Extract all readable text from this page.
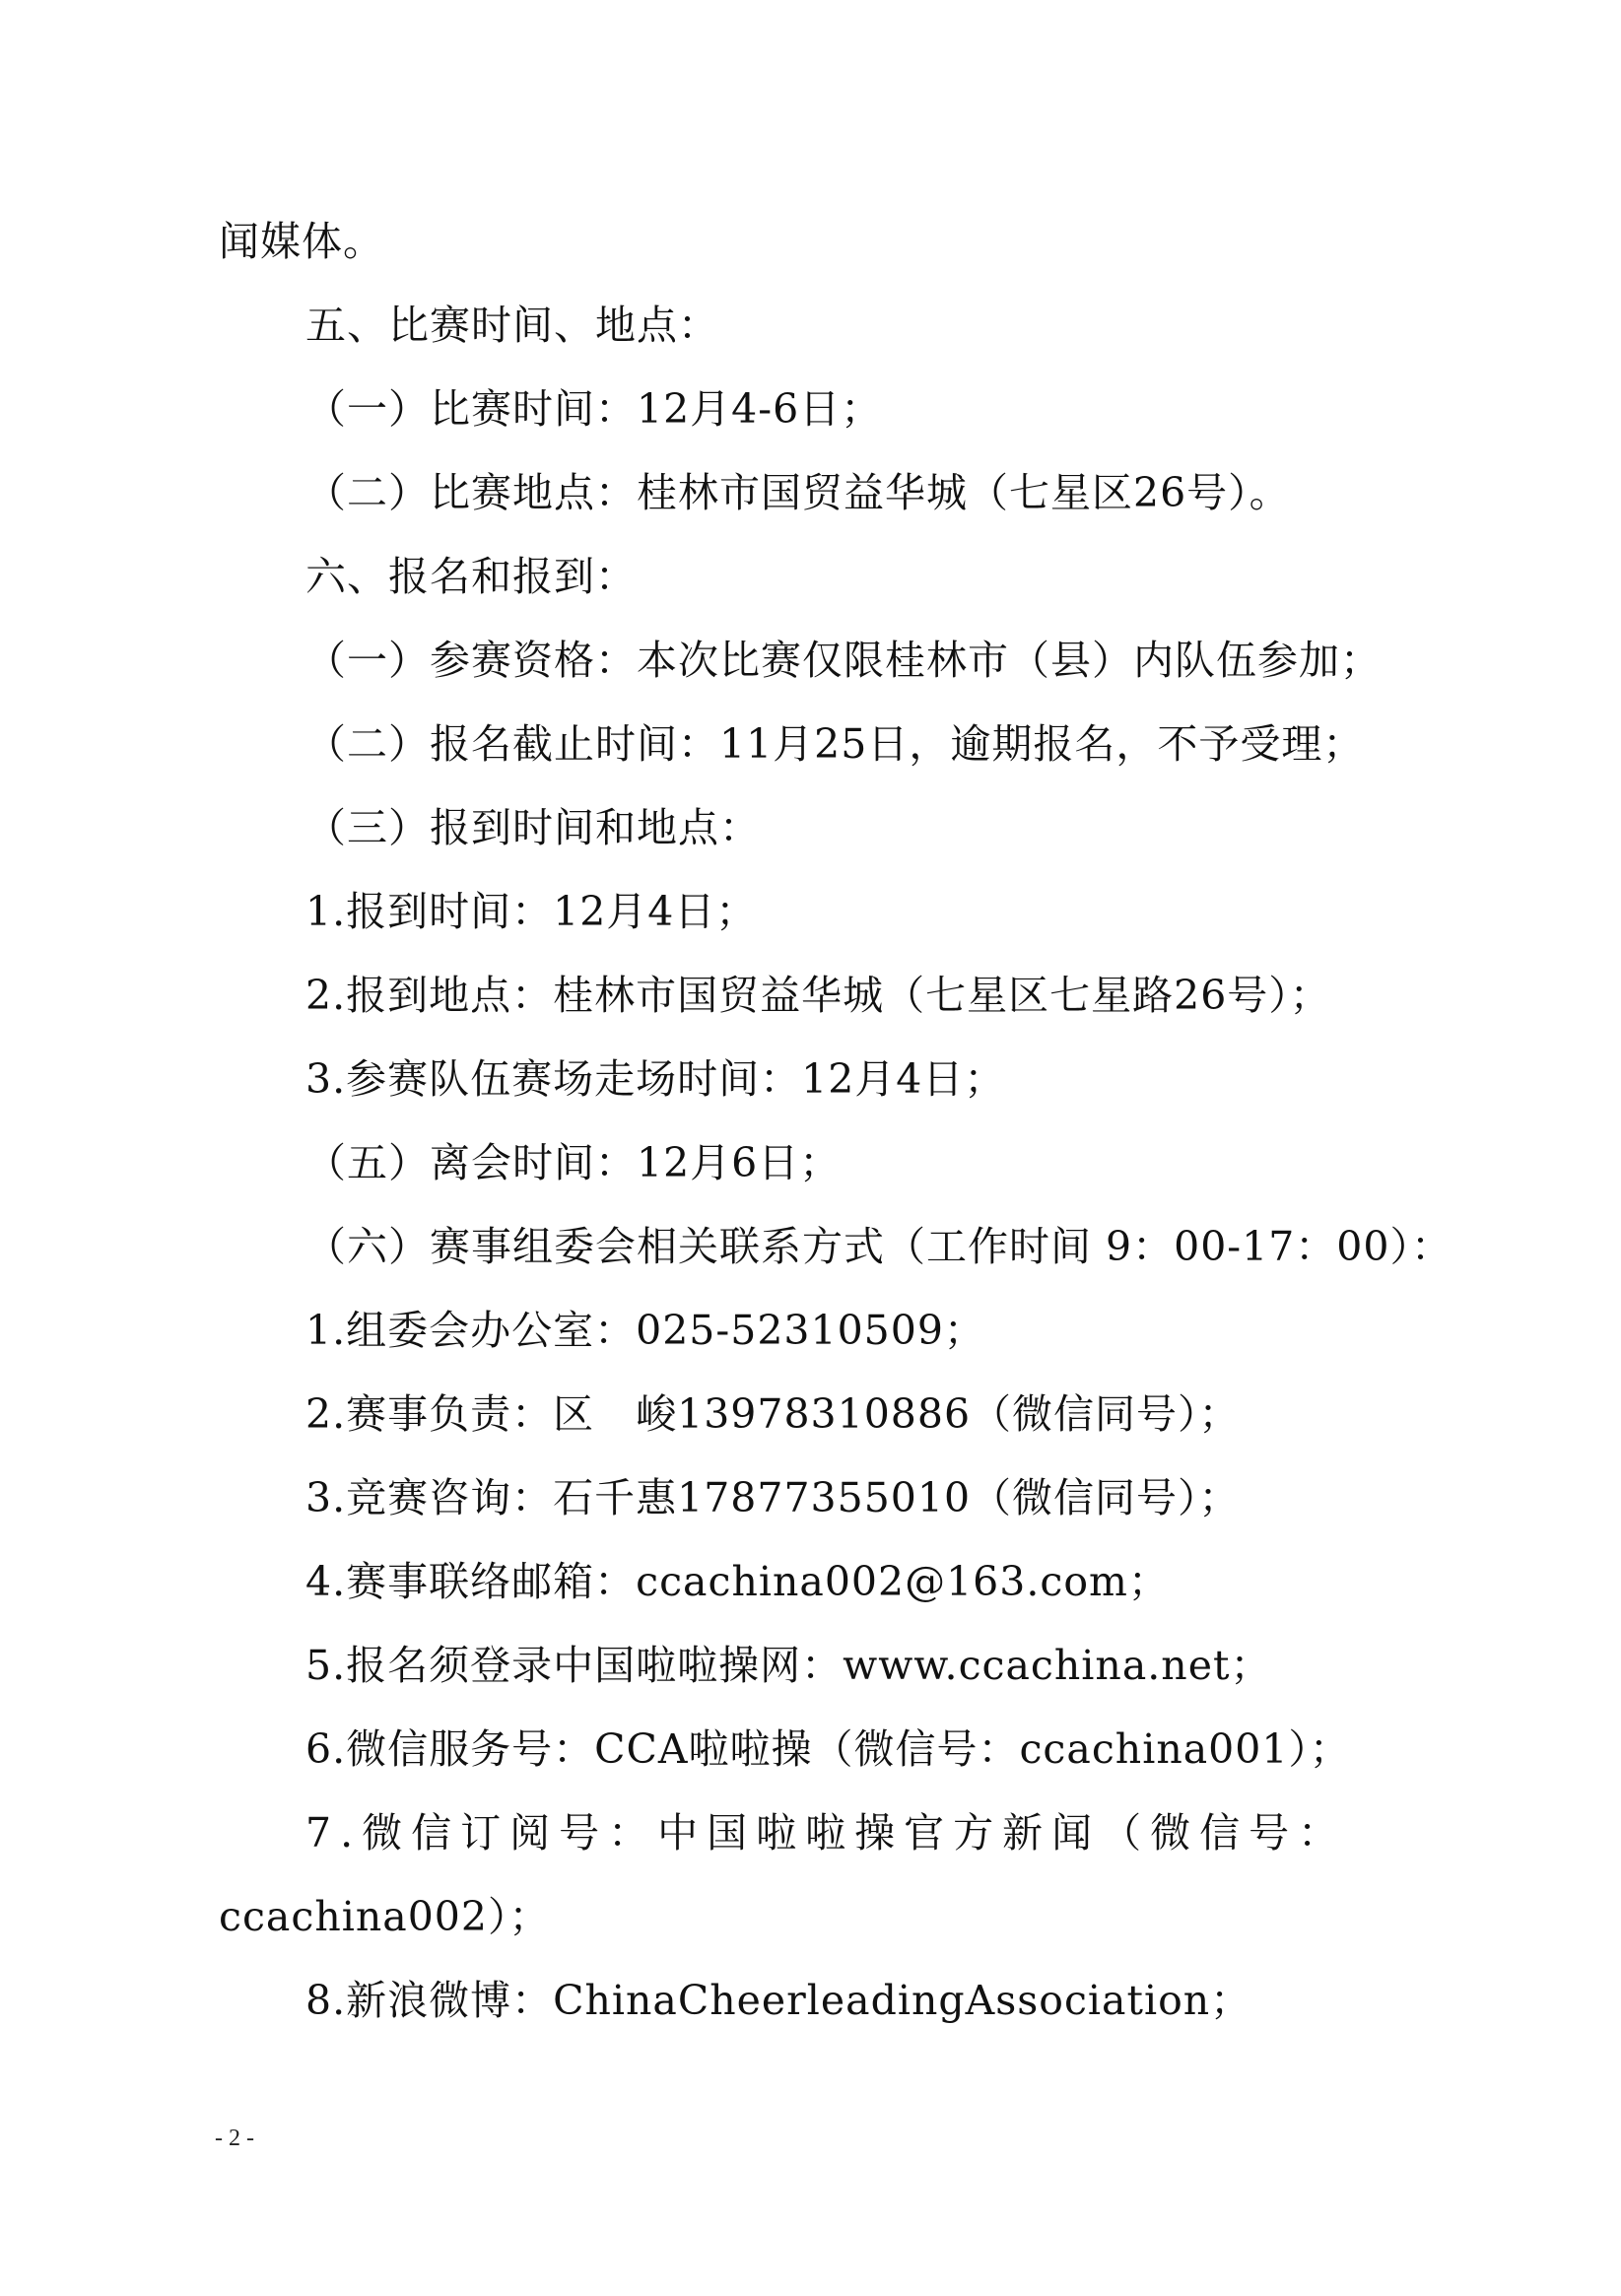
闻媒体。
五、比赛时间、地点：
（一）比赛时间：12月4-6日；
（二）比赛地点：桂林市国贸益华城（七星区26号）。
六、报名和报到：
（一）参赛资格：本次比赛仅限桂林市（县）内队伍参加；
（二）报名截止时间：11月25日，逾期报名，不予受理；
（三）报到时间和地点：
1.报到时间：12月4日；
2.报到地点：桂林市国贸益华城（七星区七星路26号）；
3.参赛队伍赛场走场时间：12月4日；
（五）离会时间：12月6日；
（六）赛事组委会相关联系方式（工作时间 9：00-17：00）：
1.组委会办公室：025-52310509；
2.赛事负责：区　峻13978310886（微信同号）；
3.竞赛咨询：石千惠17877355010（微信同号）；
4.赛事联络邮箱：ccachina002@163.com；
5.报名须登录中国啦啦操网：www.ccachina.net；
6.微信服务号：CCA啦啦操（微信号：ccachina001）；
7.微信订阅号：中国啦啦操官方新闻（微信号：
ccachina002）；
8.新浪微博：ChinaCheerleadingAssociation；
- 2 -
